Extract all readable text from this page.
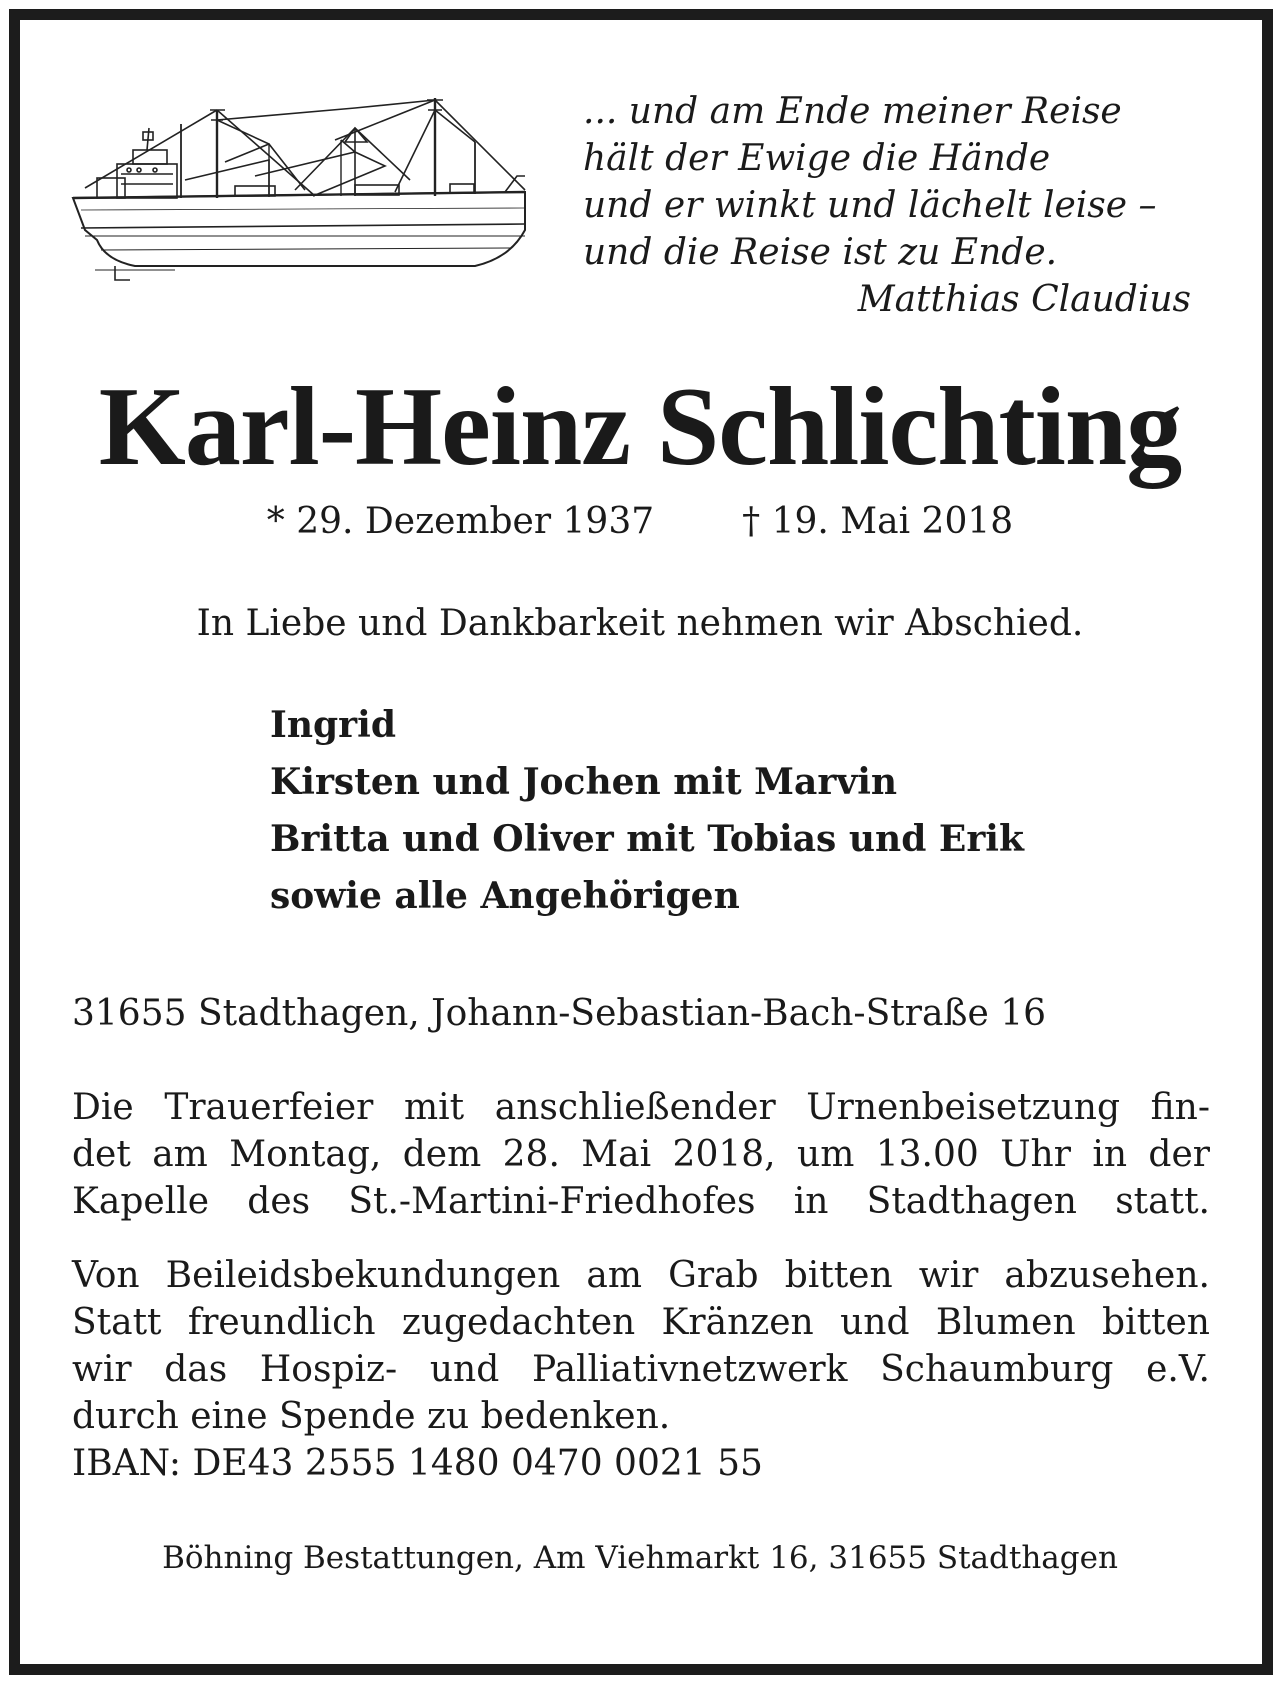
... und am Ende meiner Reise
hält der Ewige die Hände
und er winkt und lächelt leise –
und die Reise ist zu Ende.
Matthias Claudius
Karl-Heinz Schlichting
* 29. Dezember 1937 † 19. Mai 2018
In Liebe und Dankbarkeit nehmen wir Abschied.
Ingrid
Kirsten und Jochen mit Marvin
Britta und Oliver mit Tobias und Erik
sowie alle Angehörigen
31655 Stadthagen, Johann-Sebastian-Bach-Straße 16
Die Trauerfeier mit anschließender Urnenbeisetzung fin-
det am Montag, dem 28. Mai 2018, um 13.00 Uhr in der
Kapelle des St.-Martini-Friedhofes in Stadthagen statt.
Von Beileidsbekundungen am Grab bitten wir abzusehen.
Statt freundlich zugedachten Kränzen und Blumen bitten
wir das Hospiz- und Palliativnetzwerk Schaumburg e.V.
durch eine Spende zu bedenken.
IBAN: DE43 2555 1480 0470 0021 55
Böhning Bestattungen, Am Viehmarkt 16, 31655 Stadthagen
